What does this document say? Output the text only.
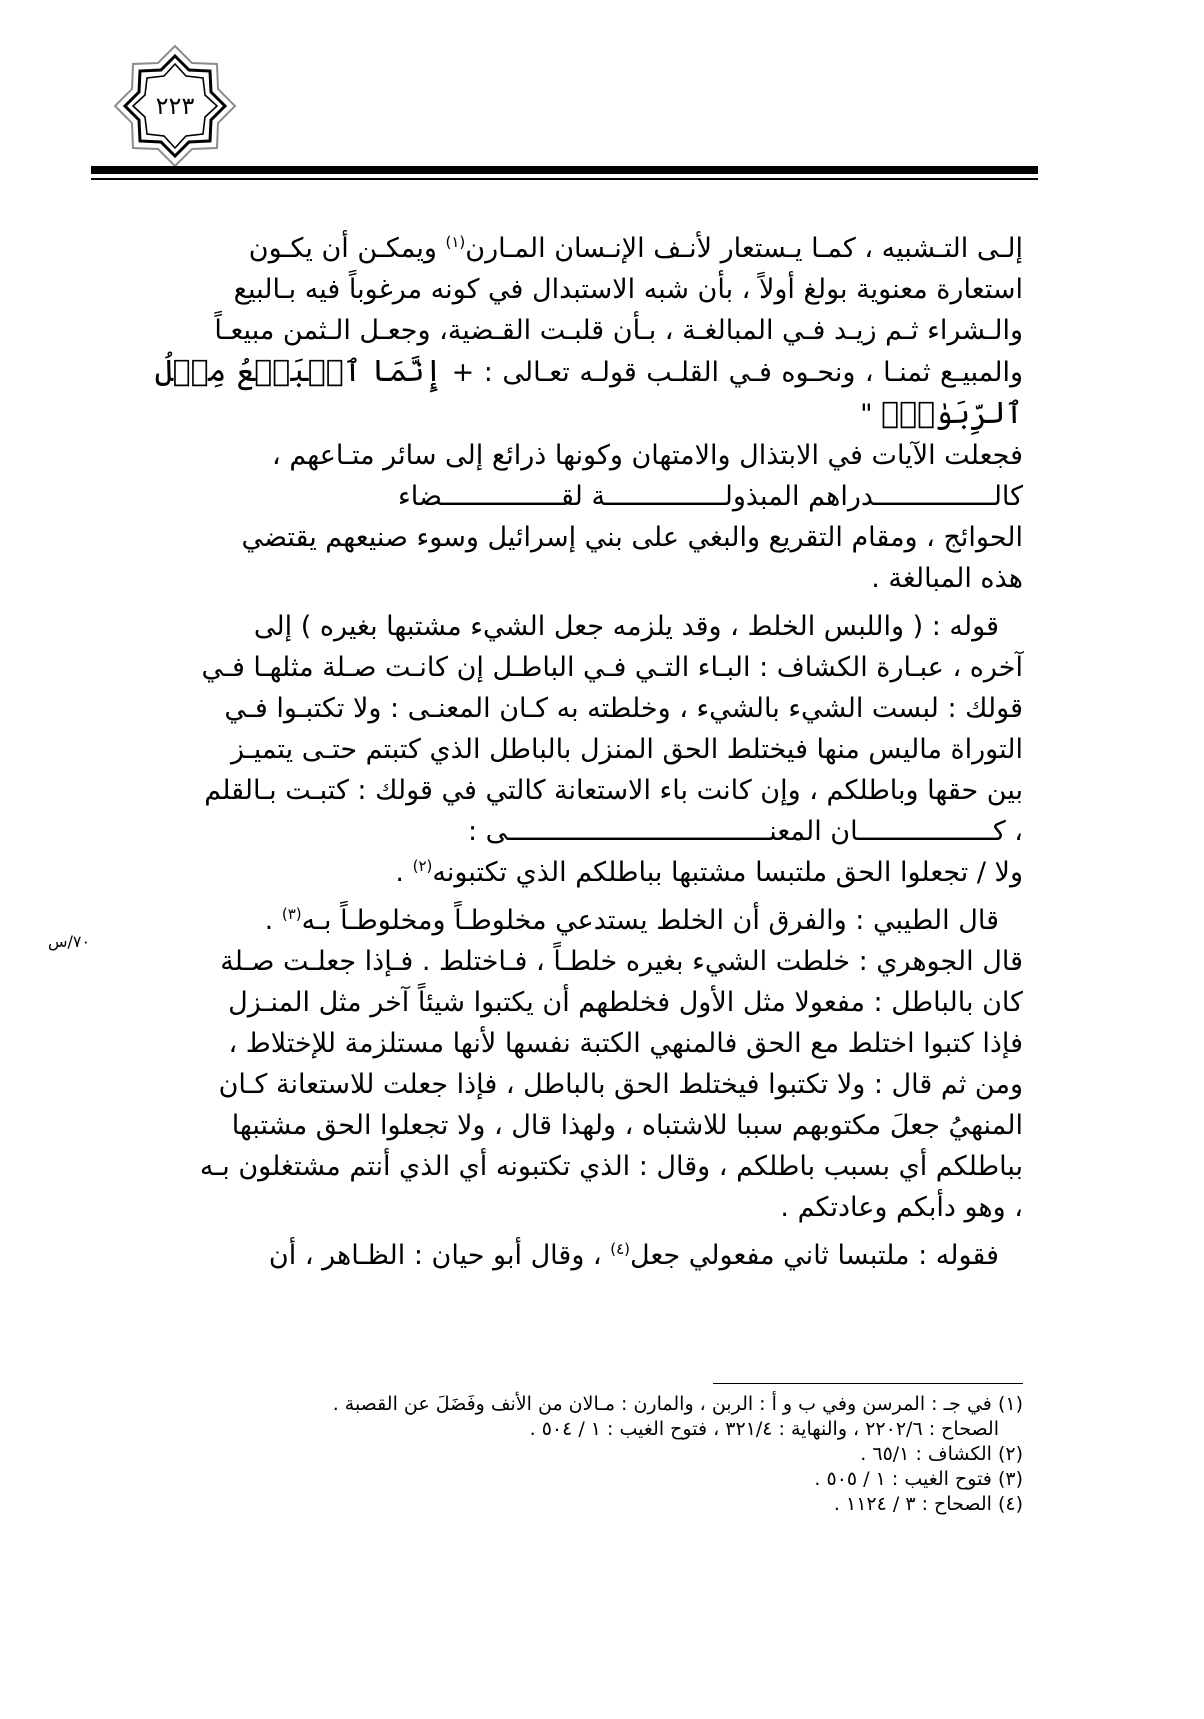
٢٢٣
٧٠/س

إلـى التـشبيه ، كمـا يـستعار لأنـف الإنـسان المـارن$^{(١)}$ ويمكـن أن يكـون
استعارة معنوية بولغ أولاً ، بأن شبه الاستبدال في كونه مرغوباً فيه بـالبيع
والـشراء ثـم زيـد فـي المبالغـة ، بـأن قلبـت القـضية، وجعـل الـثمن مبيعـاً
والمبيـع ثمنـا ، ونحـوه فـي القلـب قولـه تعـالى : + إِنَّمَا ٱلۡبَيۡعُ مِثۡلُ ٱلرِّبَوٰاْۗ "
فجعلت الآيات في الابتذال والامتهان وكونها ذرائع إلى سائر متـاعهم ،
كالـــــــــــــــدراهم المبذولـــــــــــــــة لقـــــــــــــــضاء
الحوائج ، ومقام التقريع والبغي على بني إسرائيل وسوء صنيعهم يقتضي
هذه المبالغة .

قوله : ( واللبس الخلط ، وقد يلزمه جعل الشيء مشتبها بغيره ) إلى
آخره ، عبـارة الكشاف : البـاء التـي فـي الباطـل إن كانـت صـلة مثلهـا فـي
قولك : لبست الشيء بالشيء ، وخلطته به كـان المعنـى : ولا تكتبـوا فـي
التوراة ماليس منها فيختلط الحق المنزل بالباطل الذي كتبتم حتـى يتميـز
بين حقها وباطلكم ، وإن كانت باء الاستعانة كالتي في قولك : كتبـت بـالقلم
، كـــــــــــــــــان المعنـــــــــــــــــــــــــــــــــى :
ولا / تجعلوا الحق ملتبسا مشتبها بباطلكم الذي تكتبونه$^{(٢)}$ .

قال الطيبي : والفرق أن الخلط يستدعي مخلوطـاً ومخلوطـاً بـه$^{(٣)}$ .
قال الجوهري : خلطت الشيء بغيره خلطـاً ، فـاختلط . فـإذا جعلـت صـلة
كان بالباطل : مفعولا مثل الأول فخلطهم أن يكتبوا شيئاً آخر مثل المنـزل
فإذا كتبوا اختلط مع الحق فالمنهي الكتبة نفسها لأنها مستلزمة للإختلاط ،
ومن ثم قال : ولا تكتبوا فيختلط الحق بالباطل ، فإذا جعلت للاستعانة كـان
المنهيُ جعلَ مكتوبهم سببا للاشتباه ، ولهذا قال ، ولا تجعلوا الحق مشتبها
بباطلكم أي بسبب باطلكم ، وقال : الذي تكتبونه أي الذي أنتم مشتغلون بـه
، وهو دأبكم وعادتكم .

فقوله : ملتبسا ثاني مفعولي جعل$^{(٤)}$ ، وقال أبو حيان : الظـاهر ، أن

(١) في جـ : المرسن وفي ب و أ : الربن ، والمارن : مـالان من الأنف وفَضَلَ عن القصبة .
الصحاح : ٢٢٠٢/٦ ، والنهاية : ٣٢١/٤ ، فتوح الغيب : ١ / ٥٠٤ .
(٢) الكشاف : ٦٥/١ .
(٣) فتوح الغيب : ١ / ٥٠٥ .
(٤) الصحاح : ٣ / ١١٢٤ .
